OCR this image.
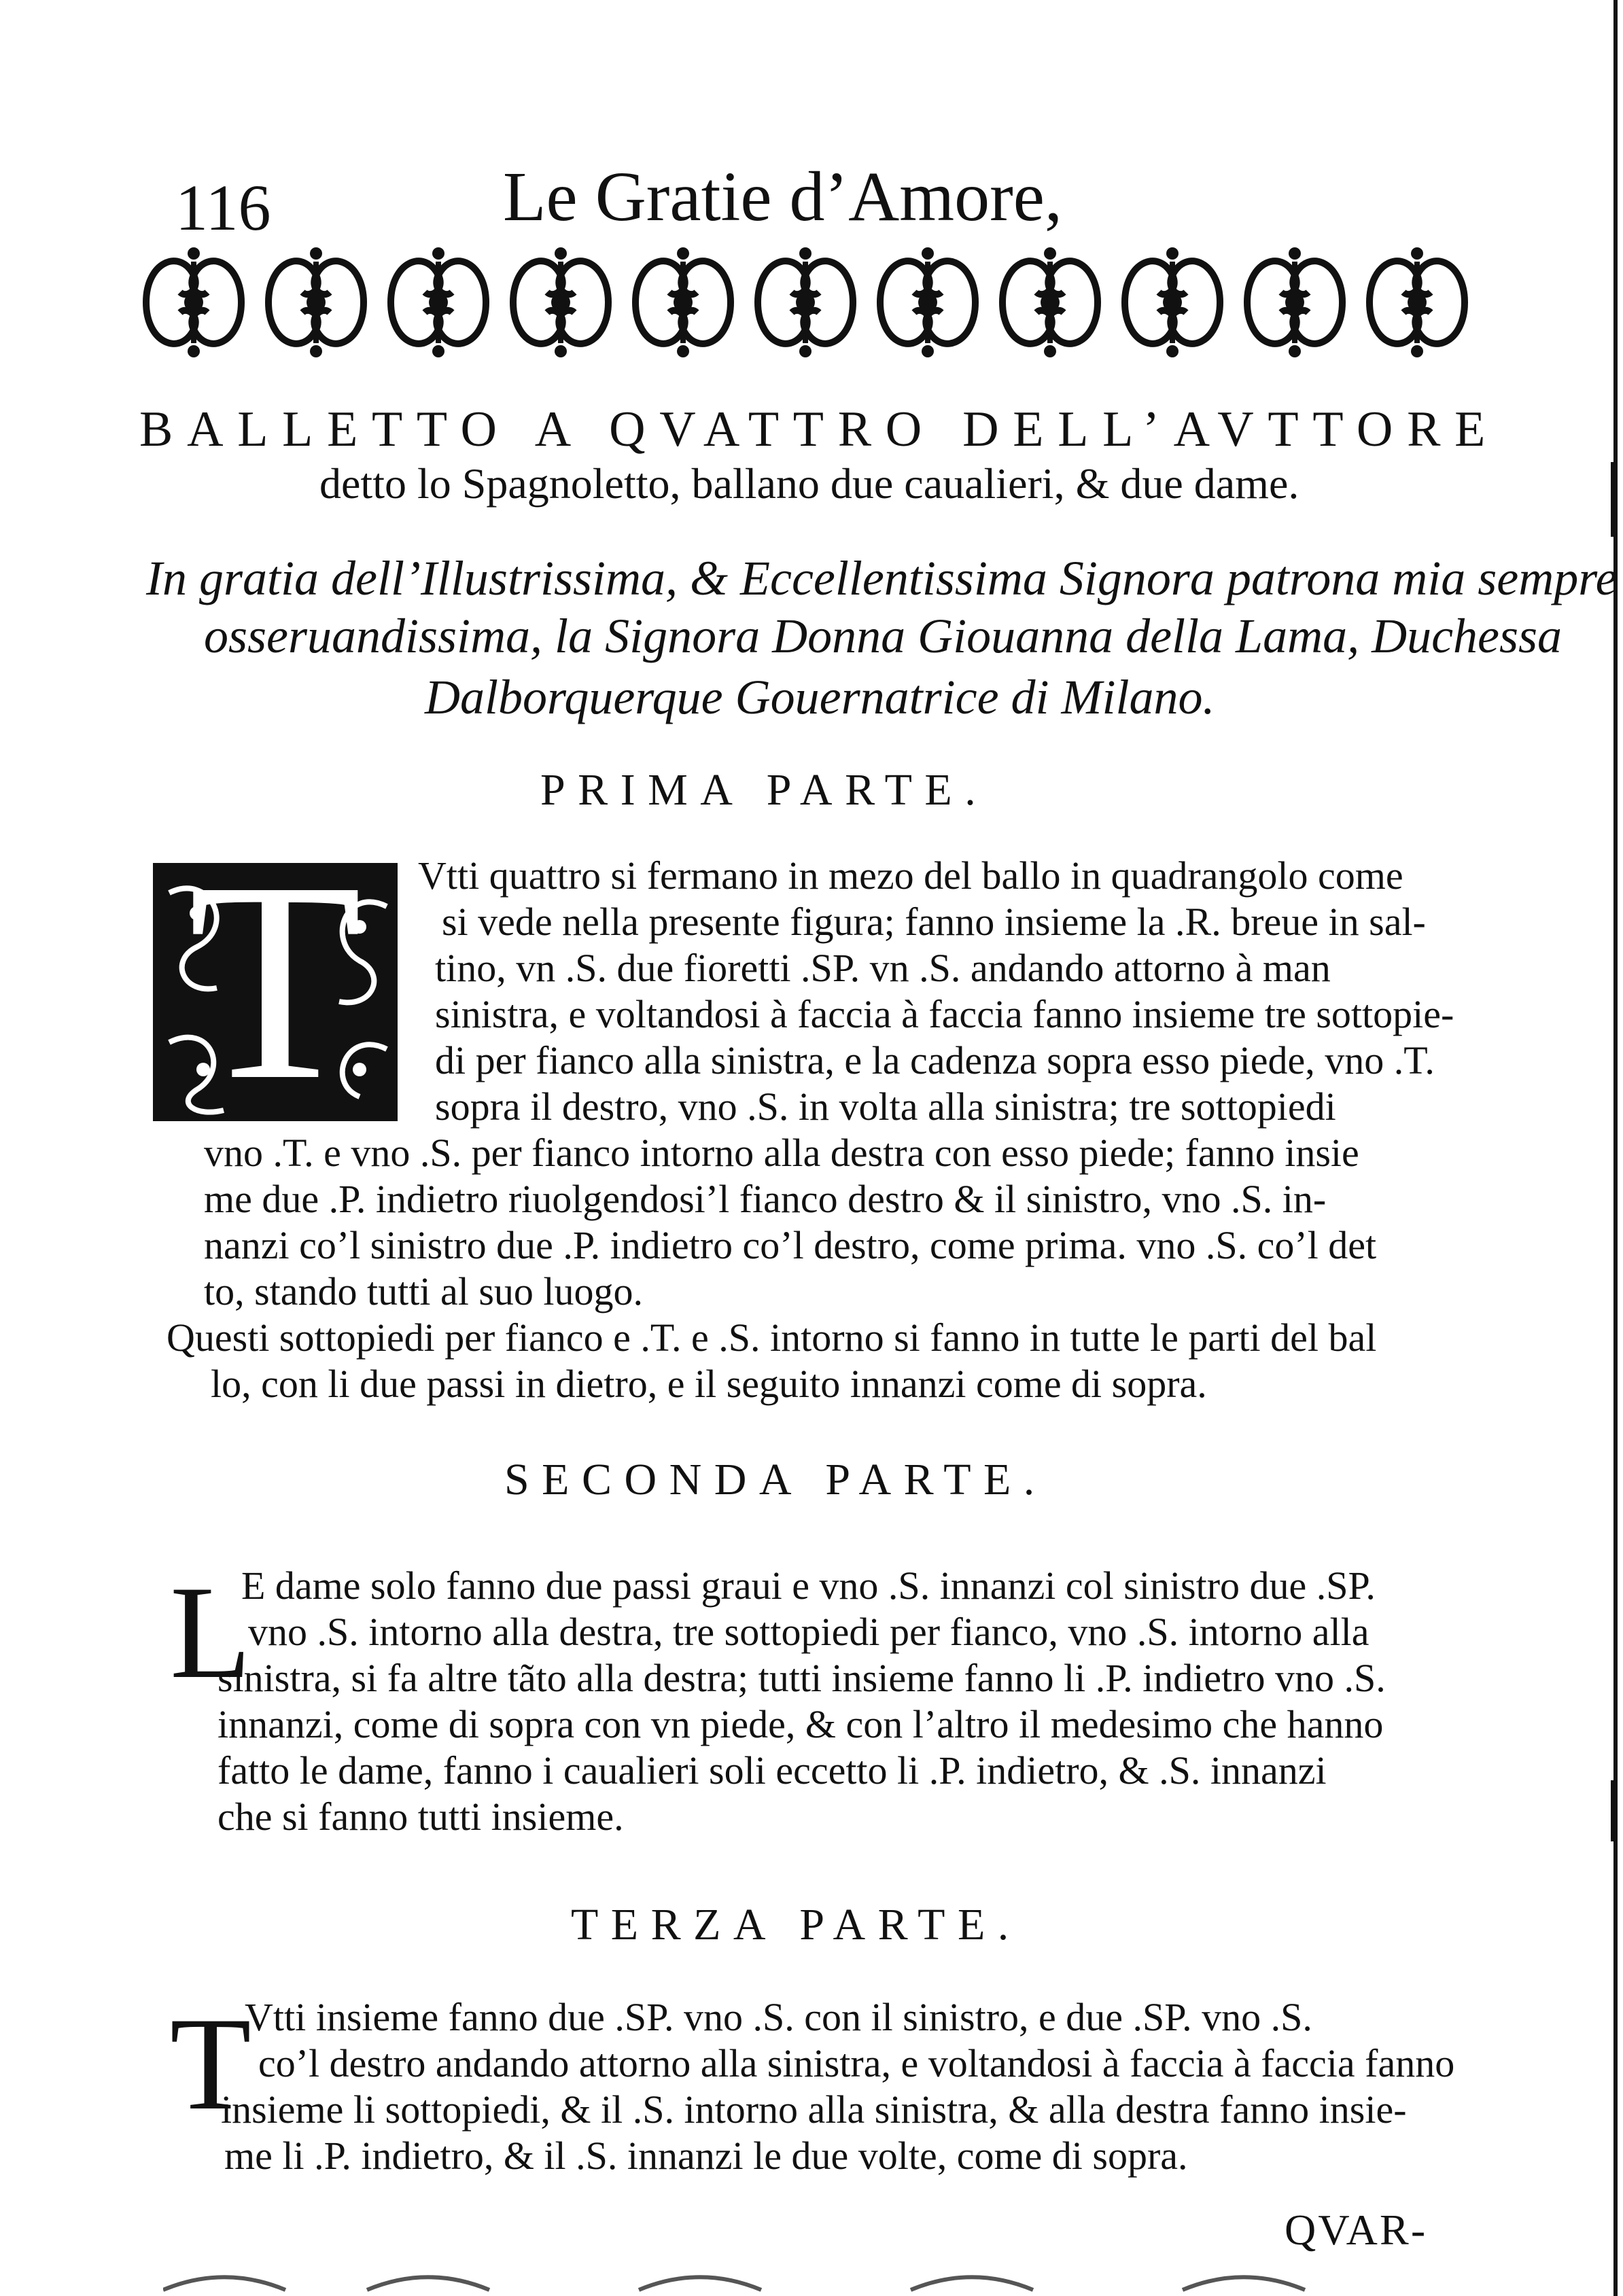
116	Le Gratie d’Amore,
BALLETTO A QVATTRO DELL’AVTTORE
detto lo Spagnoletto, ballano due caualieri, & due dame.
In gratia dell’Illustrissima, & Eccellentissima Signora patrona mia sempre
osseruandissima, la Signora Donna Giouanna della Lama, Duchessa
Dalborquerque Gouernatrice di Milano.
PRIMA PARTE.
T	Vtti quattro si fermano in mezo del ballo in quadrangolo come
si vede nella presente figura; fanno insieme la .R. breue in sal-
tino, vn .S. due fioretti .SP. vn .S. andando attorno à man
sinistra, e voltandosi à faccia à faccia fanno insieme tre sottopie-
di per fianco alla sinistra, e la cadenza sopra esso piede, vno .T.
sopra il destro, vno .S. in volta alla sinistra; tre sottopiedi
vno .T. e vno .S. per fianco intorno alla destra con esso piede; fanno insie
me due .P. indietro riuolgendosi’l fianco destro & il sinistro, vno .S. in-
nanzi co’l sinistro due .P. indietro co’l destro, come prima. vno .S. co’l det
to, stando tutti al suo luogo.
Questi sottopiedi per fianco e .T. e .S. intorno si fanno in tutte le parti del bal
lo, con li due passi in dietro, e il seguito innanzi come di sopra.
SECONDA PARTE.
L
E dame solo fanno due passi graui e vno .S. innanzi col sinistro due .SP.
vno .S. intorno alla destra, tre sottopiedi per fianco, vno .S. intorno alla
sinistra, si fa altre tãto alla destra; tutti insieme fanno li .P. indietro vno .S.
innanzi, come di sopra con vn piede, & con l’altro il medesimo che hanno
fatto le dame, fanno i caualieri soli eccetto li .P. indietro, & .S. innanzi
che si fanno tutti insieme.
TERZA PARTE.
T
Vtti insieme fanno due .SP. vno .S. con il sinistro, e due .SP. vno .S.
co’l destro andando attorno alla sinistra, e voltandosi à faccia à faccia fanno
insieme li sottopiedi, & il .S. intorno alla sinistra, & alla destra fanno insie-
me li .P. indietro, & il .S. innanzi le due volte, come di sopra.
QVAR-
